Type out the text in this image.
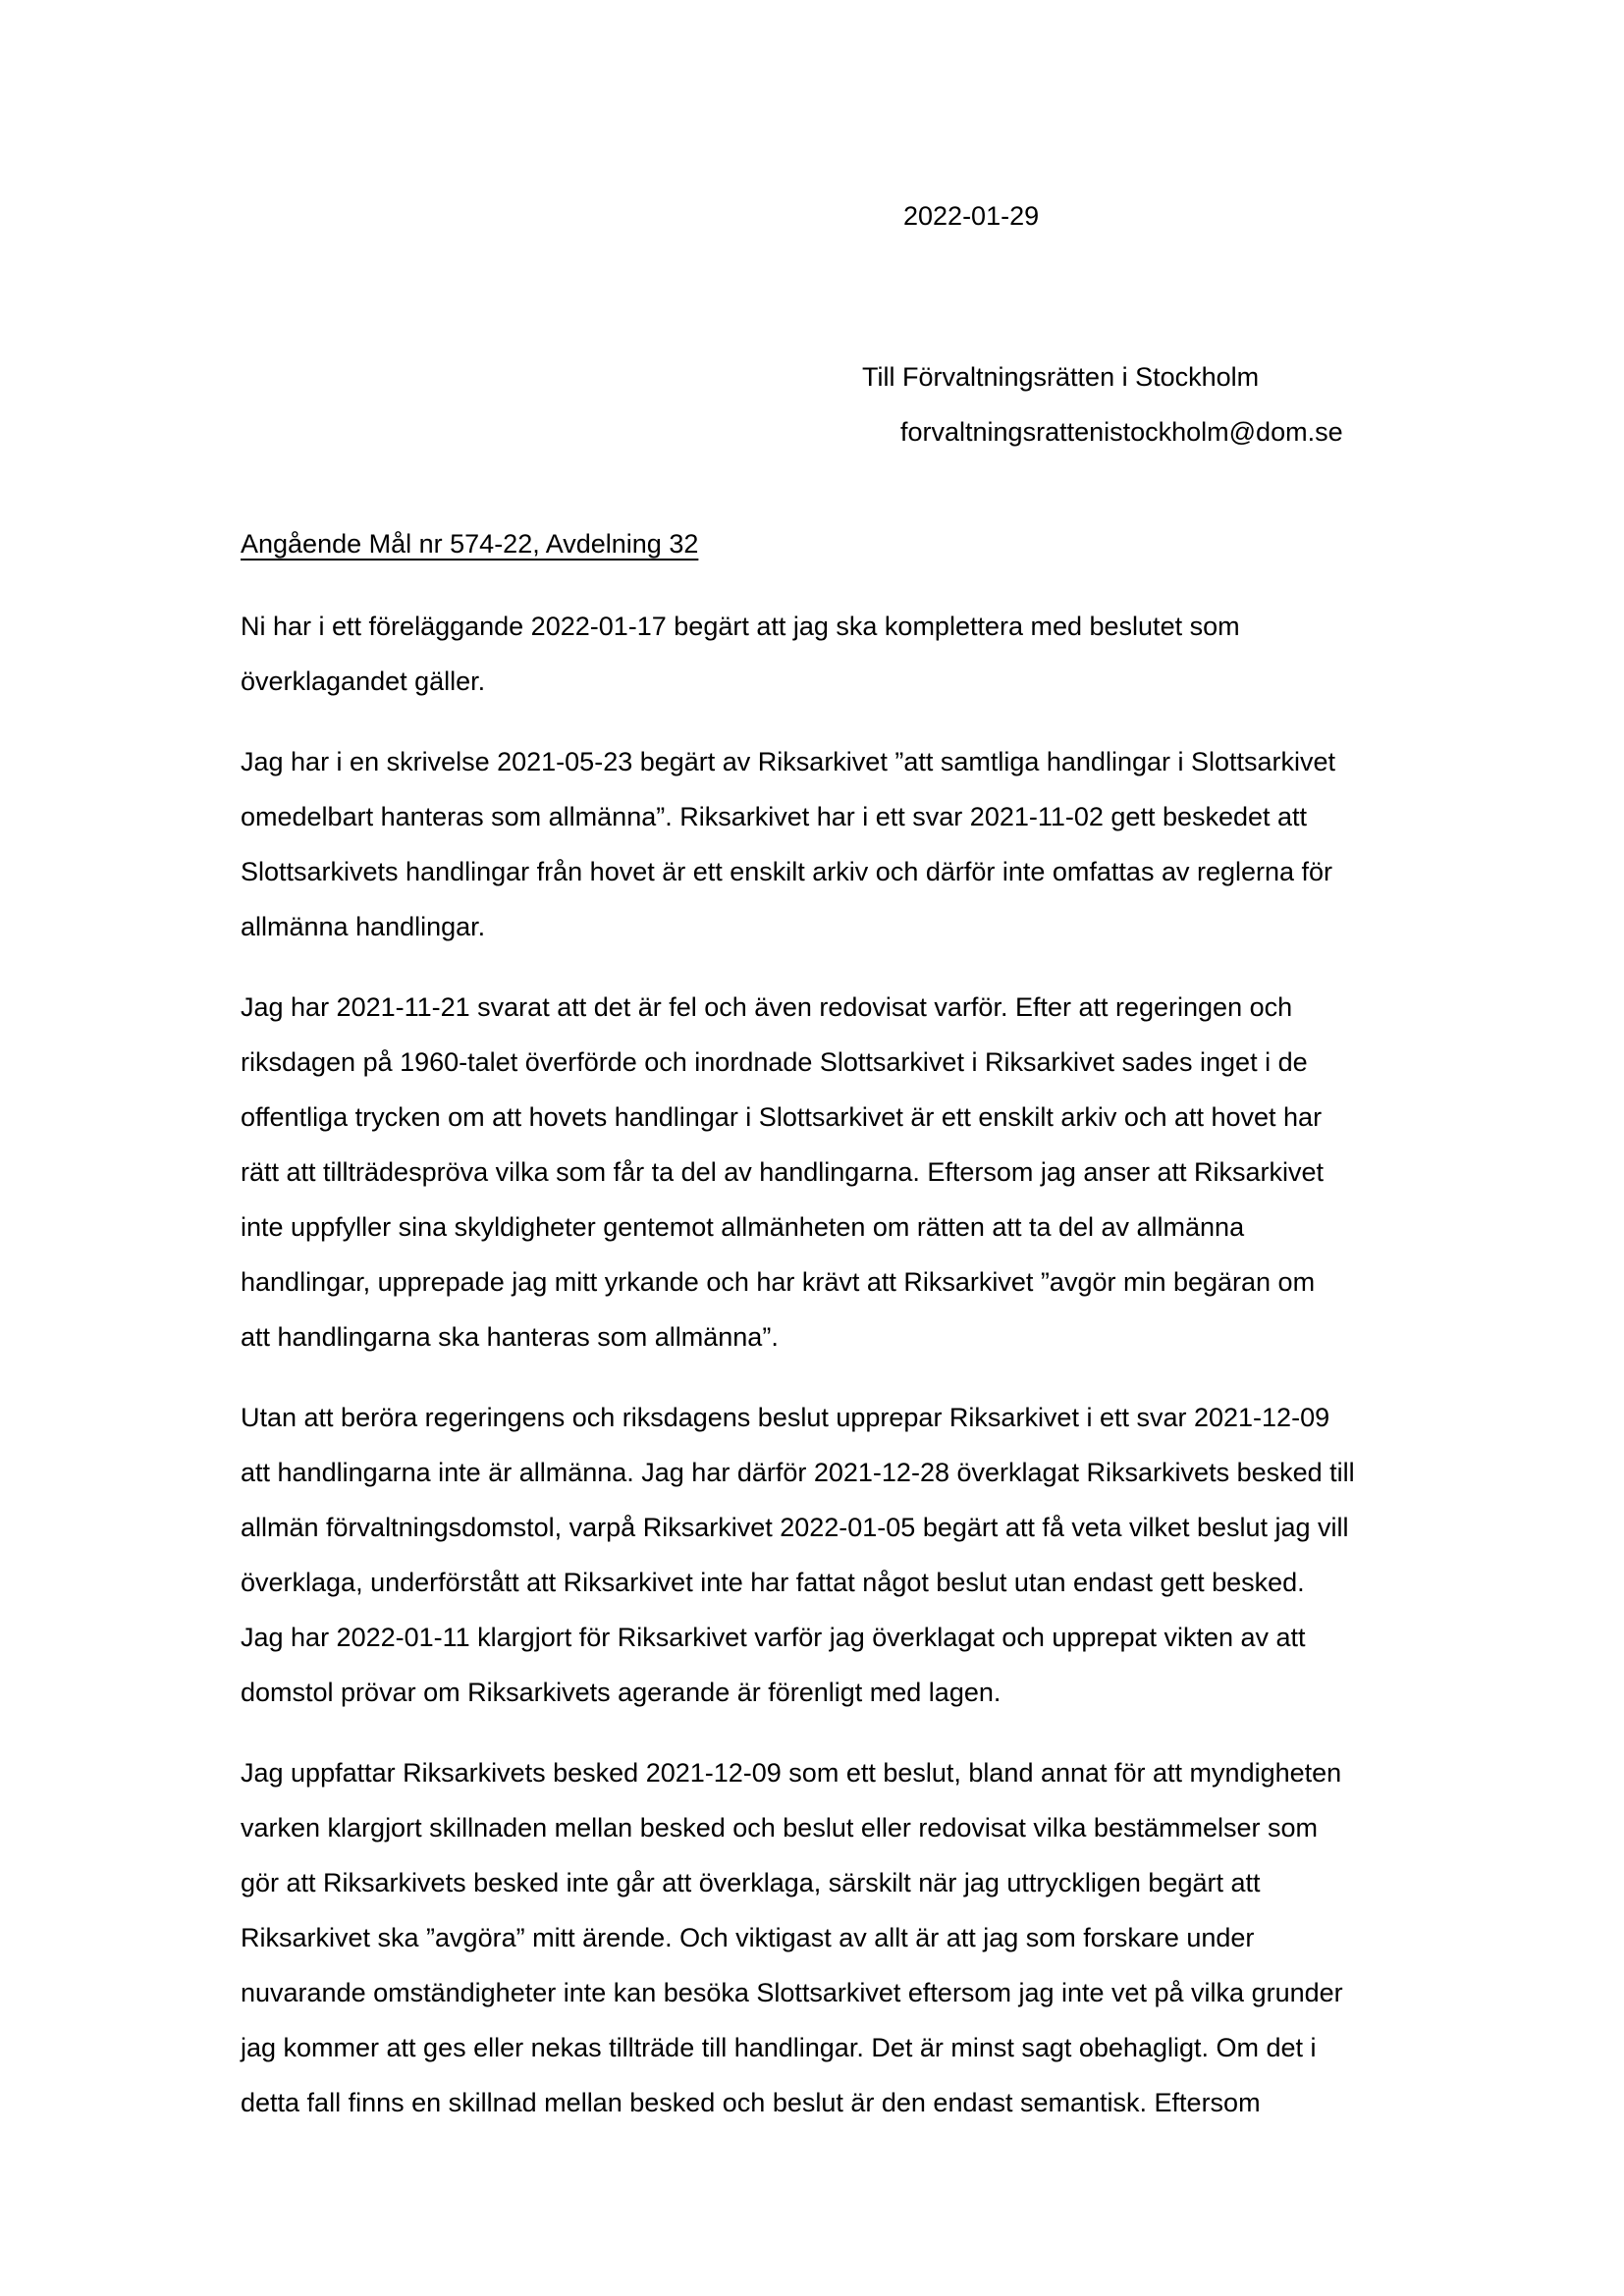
2022-01-29
Till Förvaltningsrätten i Stockholm
forvaltningsrattenistockholm@dom.se
Angående Mål nr 574-22, Avdelning 32
Ni har i ett föreläggande 2022-01-17 begärt att jag ska komplettera med beslutet som
överklagandet gäller.
Jag har i en skrivelse 2021-05-23 begärt av Riksarkivet ”att samtliga handlingar i Slottsarkivet
omedelbart hanteras som allmänna”. Riksarkivet har i ett svar 2021-11-02 gett beskedet att
Slottsarkivets handlingar från hovet är ett enskilt arkiv och därför inte omfattas av reglerna för
allmänna handlingar.
Jag har 2021-11-21 svarat att det är fel och även redovisat varför. Efter att regeringen och
riksdagen på 1960-talet överförde och inordnade Slottsarkivet i Riksarkivet sades inget i de
offentliga trycken om att hovets handlingar i Slottsarkivet är ett enskilt arkiv och att hovet har
rätt att tillträdespröva vilka som får ta del av handlingarna. Eftersom jag anser att Riksarkivet
inte uppfyller sina skyldigheter gentemot allmänheten om rätten att ta del av allmänna
handlingar, upprepade jag mitt yrkande och har krävt att Riksarkivet ”avgör min begäran om
att handlingarna ska hanteras som allmänna”.
Utan att beröra regeringens och riksdagens beslut upprepar Riksarkivet i ett svar 2021-12-09
att handlingarna inte är allmänna. Jag har därför 2021-12-28 överklagat Riksarkivets besked till
allmän förvaltningsdomstol, varpå Riksarkivet 2022-01-05 begärt att få veta vilket beslut jag vill
överklaga, underförstått att Riksarkivet inte har fattat något beslut utan endast gett besked.
Jag har 2022-01-11 klargjort för Riksarkivet varför jag överklagat och upprepat vikten av att
domstol prövar om Riksarkivets agerande är förenligt med lagen.
Jag uppfattar Riksarkivets besked 2021-12-09 som ett beslut, bland annat för att myndigheten
varken klargjort skillnaden mellan besked och beslut eller redovisat vilka bestämmelser som
gör att Riksarkivets besked inte går att överklaga, särskilt när jag uttryckligen begärt att
Riksarkivet ska ”avgöra” mitt ärende. Och viktigast av allt är att jag som forskare under
nuvarande omständigheter inte kan besöka Slottsarkivet eftersom jag inte vet på vilka grunder
jag kommer att ges eller nekas tillträde till handlingar. Det är minst sagt obehagligt. Om det i
detta fall finns en skillnad mellan besked och beslut är den endast semantisk. Eftersom
